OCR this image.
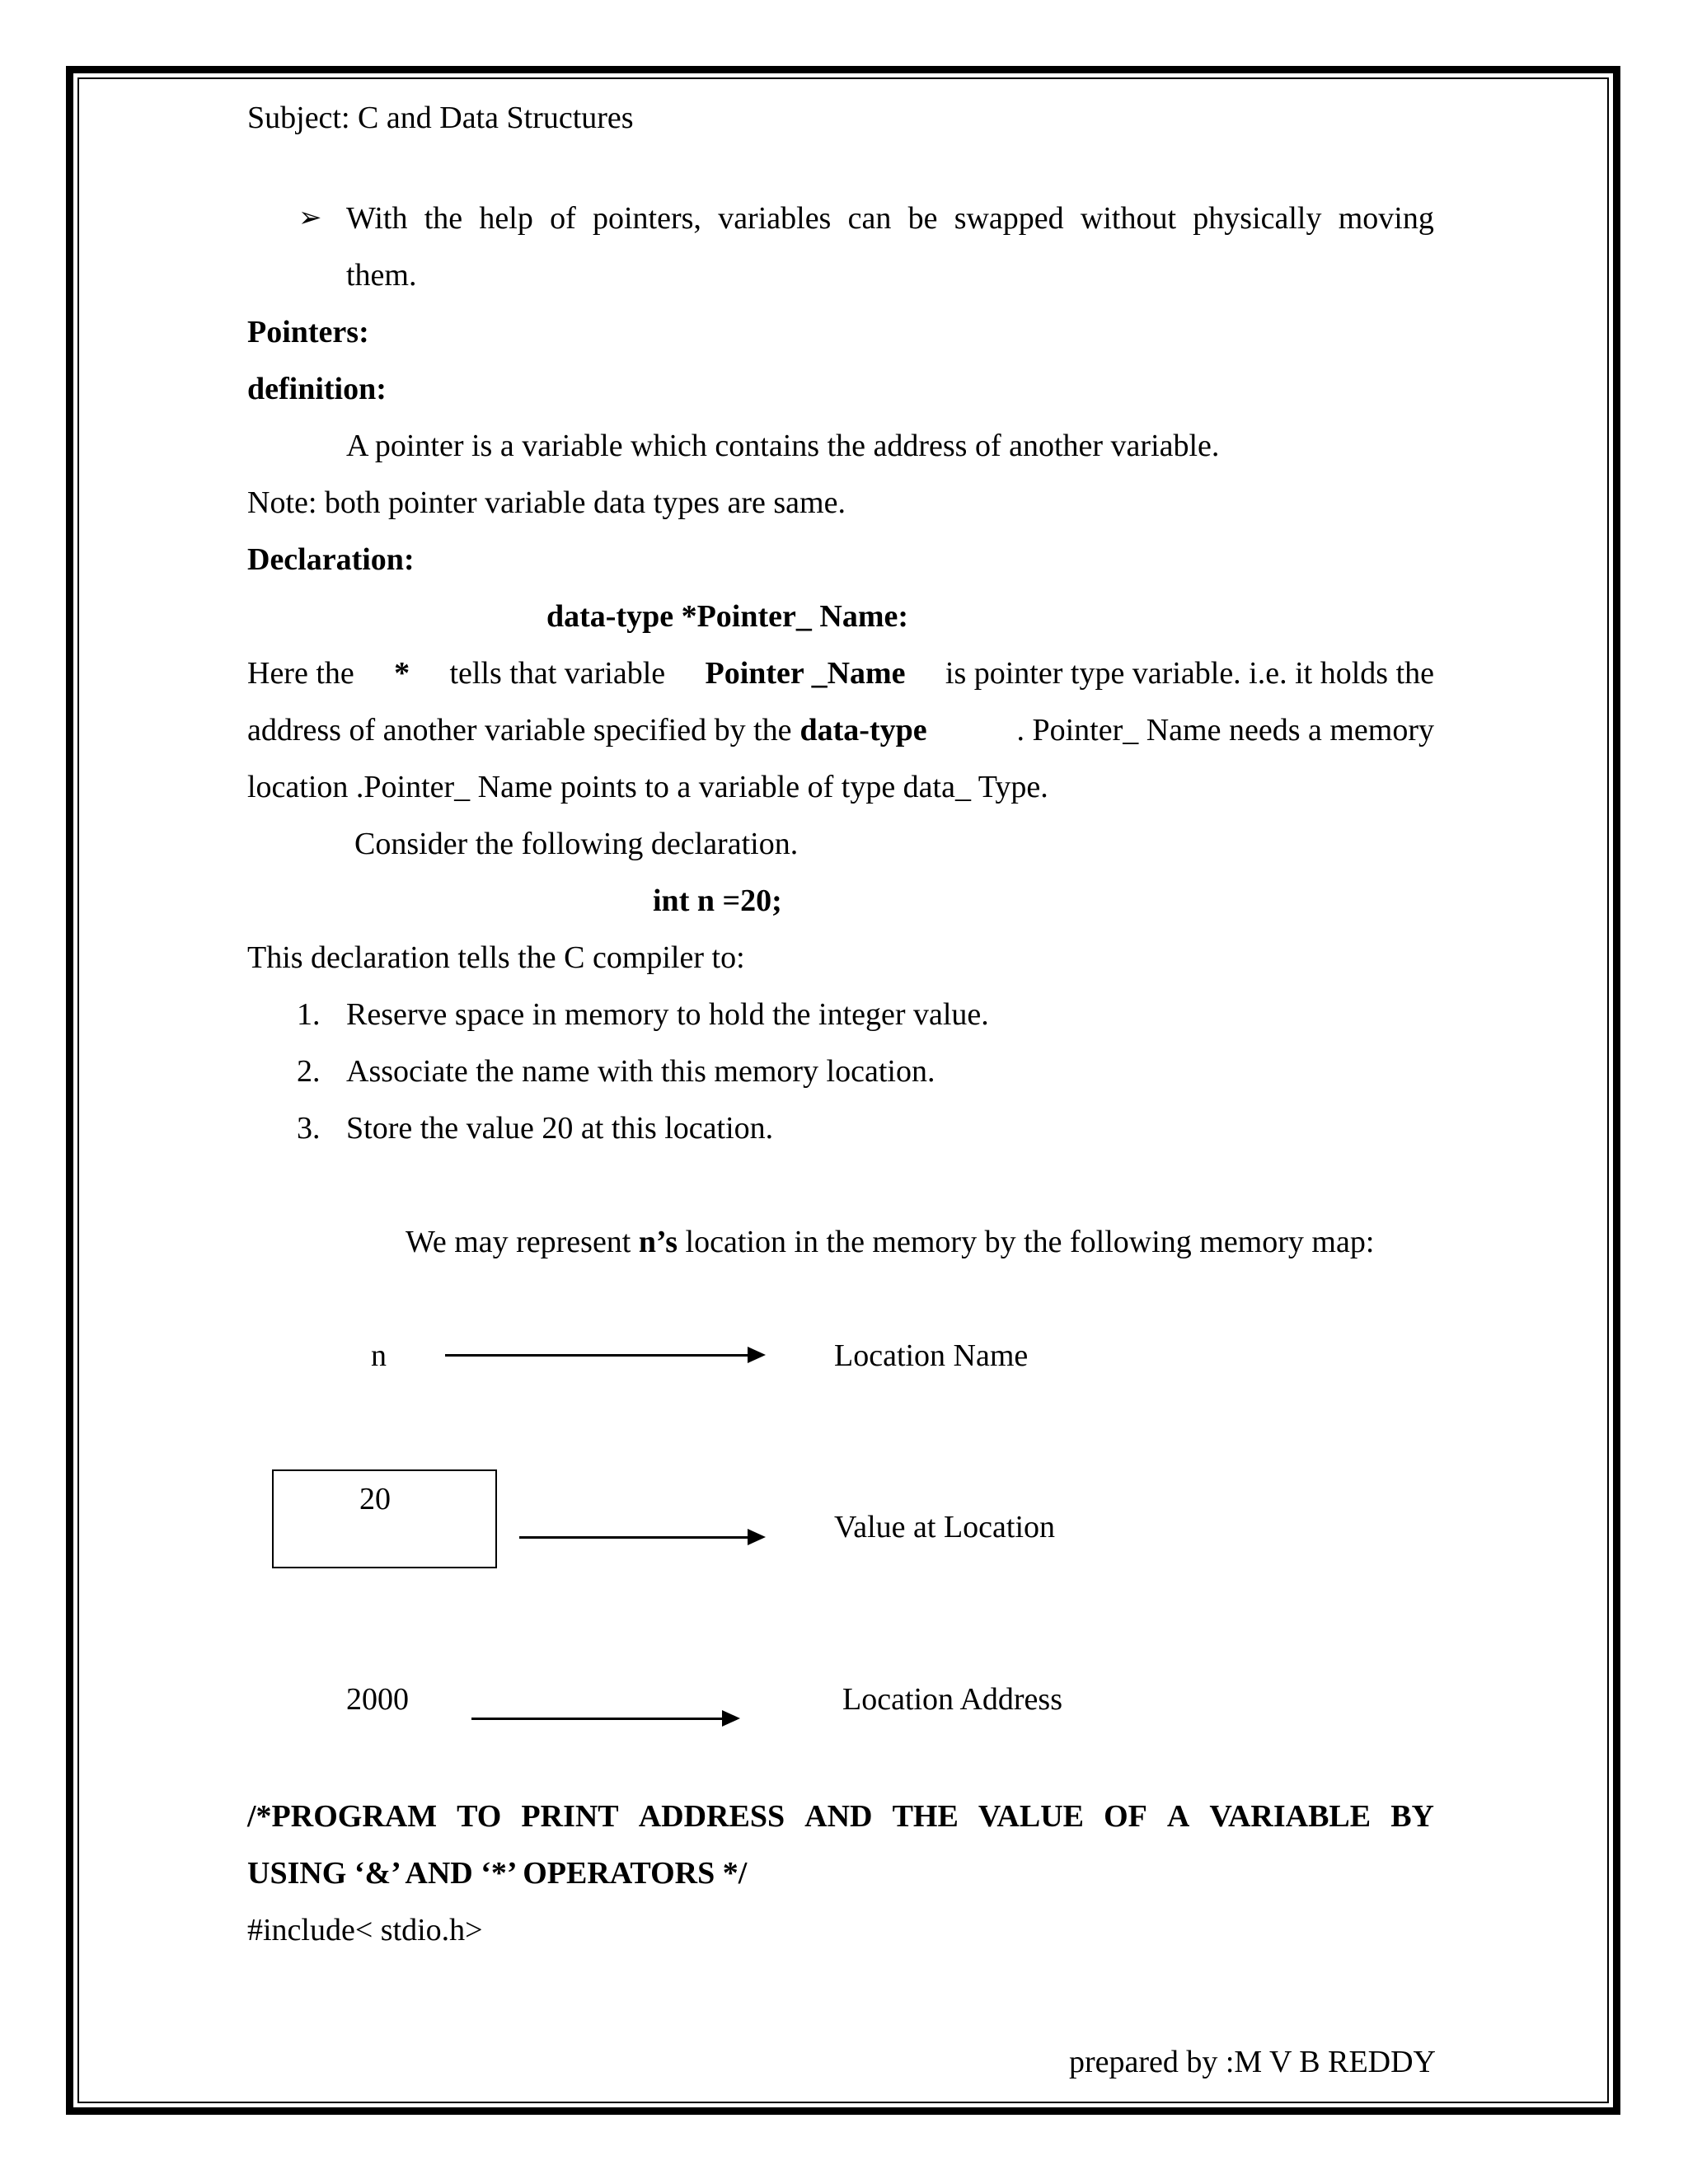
Subject: C and Data Structures
➢ With the help of pointers, variables can be swapped without physically moving
them.
Pointers:
definition:
A pointer is a variable which contains the address of another variable.
Note: both pointer variable data types are same.
Declaration:
data-type *Pointer_ Name:
Here the * tells that variable Pointer _Name is pointer type variable. i.e. it holds the
address of another variable specified by the data-type	. Pointer_ Name needs a memory
location .Pointer_ Name points to a variable of type data_ Type.
Consider the following declaration.
int n =20;
This declaration tells the C compiler to:
1. Reserve space in memory to hold the integer value.
2. Associate the name with this memory location.
3. Store the value 20 at this location.
We may represent n’s location in the memory by the following memory map:
n	Location Name
20
Value at Location
2000	Location Address
/*PROGRAM TO PRINT ADDRESS AND THE VALUE OF A VARIABLE BY
USING ‘&’ AND ‘*’ OPERATORS */
#include< stdio.h>
prepared by :M V B REDDY
